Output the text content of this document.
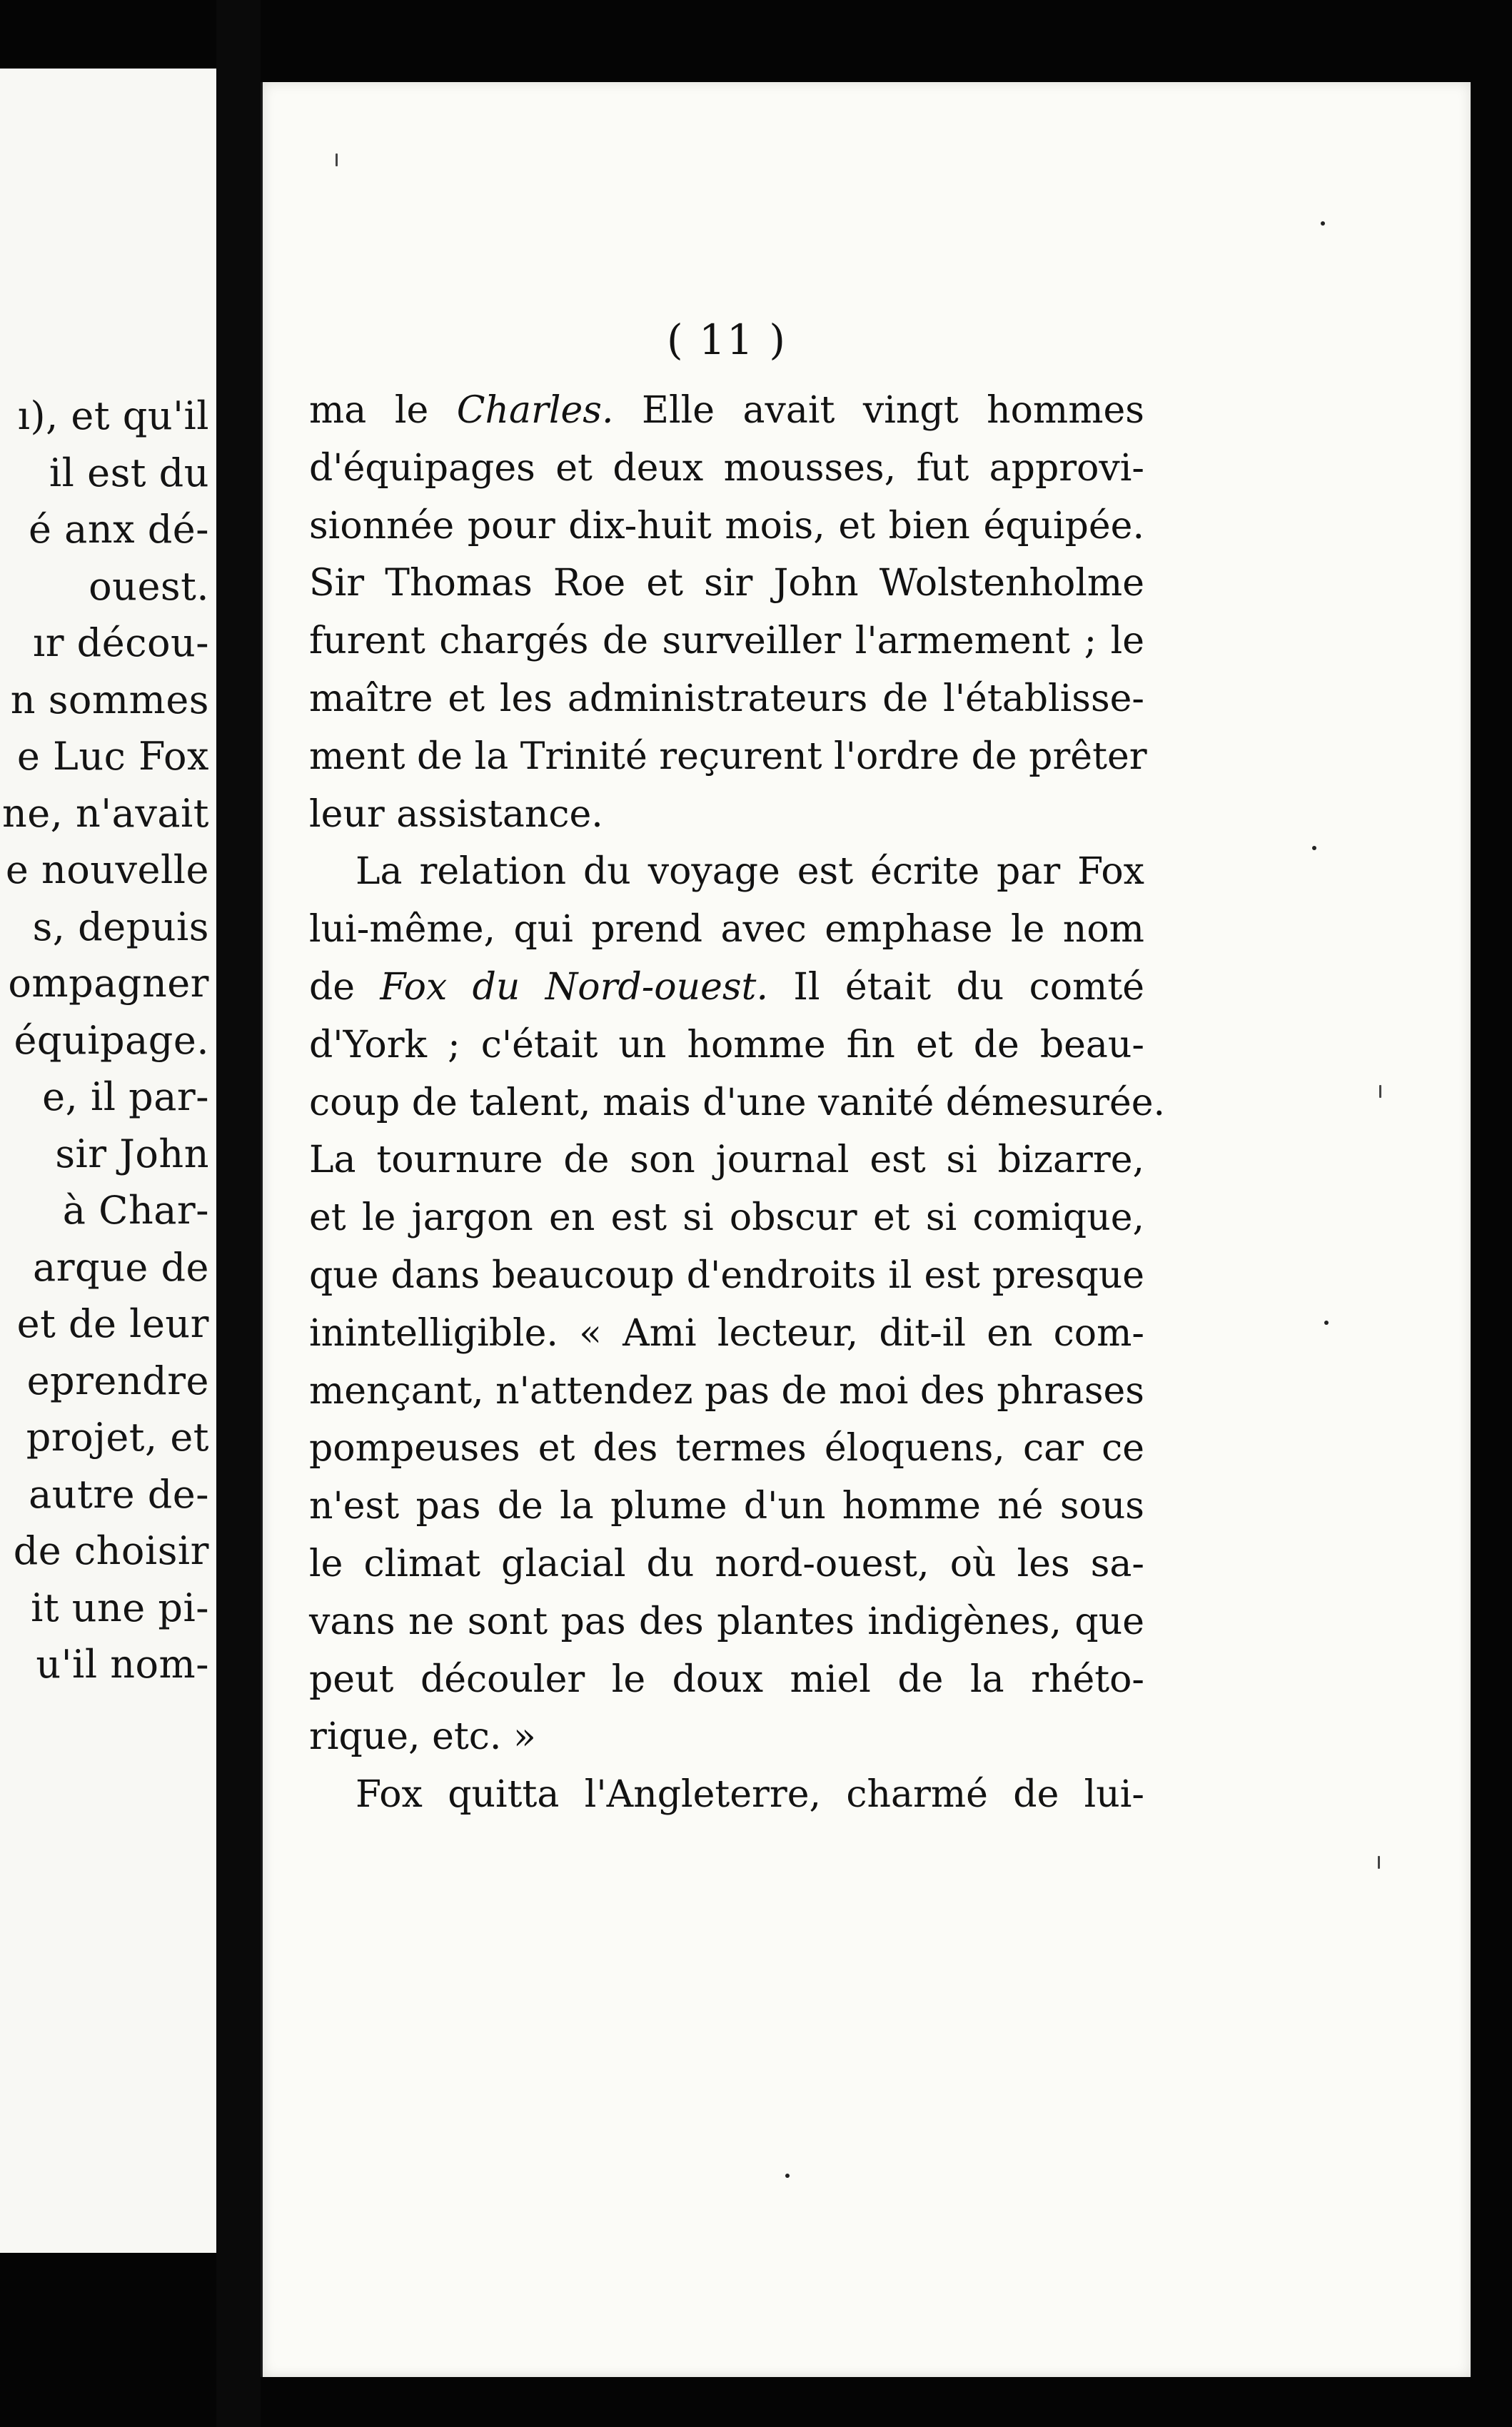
ı), et qu'il
il est du
é anx dé-
ouest.
ır décou-
n sommes
e Luc Fox
ne, n'avait
e nouvelle
s, depuis
ompagner
équipage.
e, il par-
sir John
à Char-
arque de
et de leur
eprendre
projet, et
autre de-
de choisir
it une pi-
u'il nom-
( 11 )
ma le Charles. Elle avait vingt hommes
d'équipages et deux mousses, fut approvi-
sionnée pour dix-huit mois, et bien équipée.
Sir Thomas Roe et sir John Wolstenholme
furent chargés de surveiller l'armement ; le
maître et les administrateurs de l'établisse-
ment de la Trinité reçurent l'ordre de prêter
leur assistance.
La relation du voyage est écrite par Fox
lui-même, qui prend avec emphase le nom
de Fox du Nord-ouest. Il était du comté
d'York ; c'était un homme fin et de beau-
coup de talent, mais d'une vanité démesurée.
La tournure de son journal est si bizarre,
et le jargon en est si obscur et si comique,
que dans beaucoup d'endroits il est presque
inintelligible. « Ami lecteur, dit-il en com-
mençant, n'attendez pas de moi des phrases
pompeuses et des termes éloquens, car ce
n'est pas de la plume d'un homme né sous
le climat glacial du nord-ouest, où les sa-
vans ne sont pas des plantes indigènes, que
peut découler le doux miel de la rhéto-
rique, etc. »
Fox quitta l'Angleterre, charmé de lui-
